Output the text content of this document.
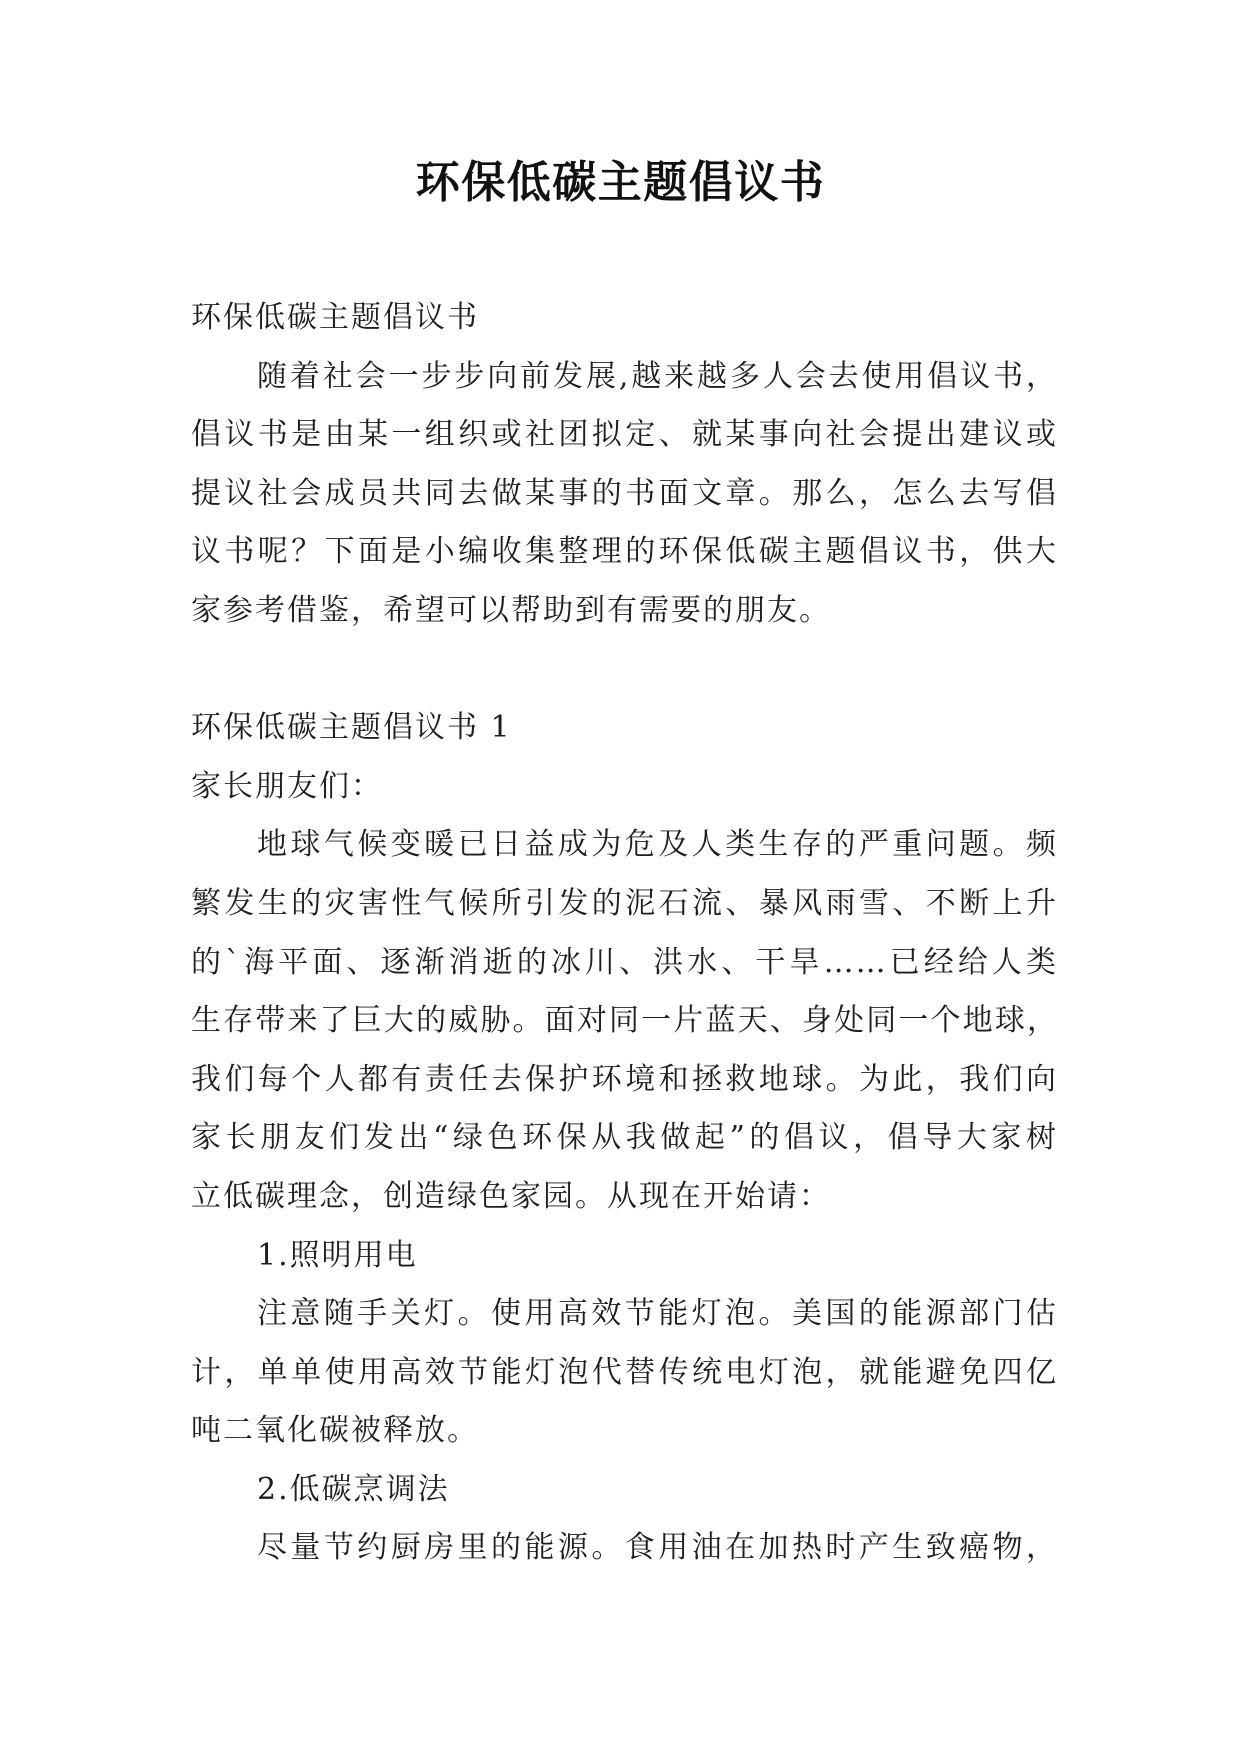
环保低碳主题倡议书
环保低碳主题倡议书
随着社会一步步向前发展,越来越多人会去使用倡议书，
倡议书是由某一组织或社团拟定、就某事向社会提出建议或
提议社会成员共同去做某事的书面文章。那么，怎么去写倡
议书呢？下面是小编收集整理的环保低碳主题倡议书，供大
家参考借鉴，希望可以帮助到有需要的朋友。
环保低碳主题倡议书 1
家长朋友们：
地球气候变暖已日益成为危及人类生存的严重问题。频
繁发生的灾害性气候所引发的泥石流、暴风雨雪、不断上升
的`海平面、逐渐消逝的冰川、洪水、干旱……已经给人类
生存带来了巨大的威胁。面对同一片蓝天、身处同一个地球，
我们每个人都有责任去保护环境和拯救地球。为此，我们向
家长朋友们发出“绿色环保从我做起”的倡议，倡导大家树
立低碳理念，创造绿色家园。从现在开始请：
1.照明用电
注意随手关灯。使用高效节能灯泡。美国的能源部门估
计，单单使用高效节能灯泡代替传统电灯泡，就能避免四亿
吨二氧化碳被释放。
2.低碳烹调法
尽量节约厨房里的能源。食用油在加热时产生致癌物，
